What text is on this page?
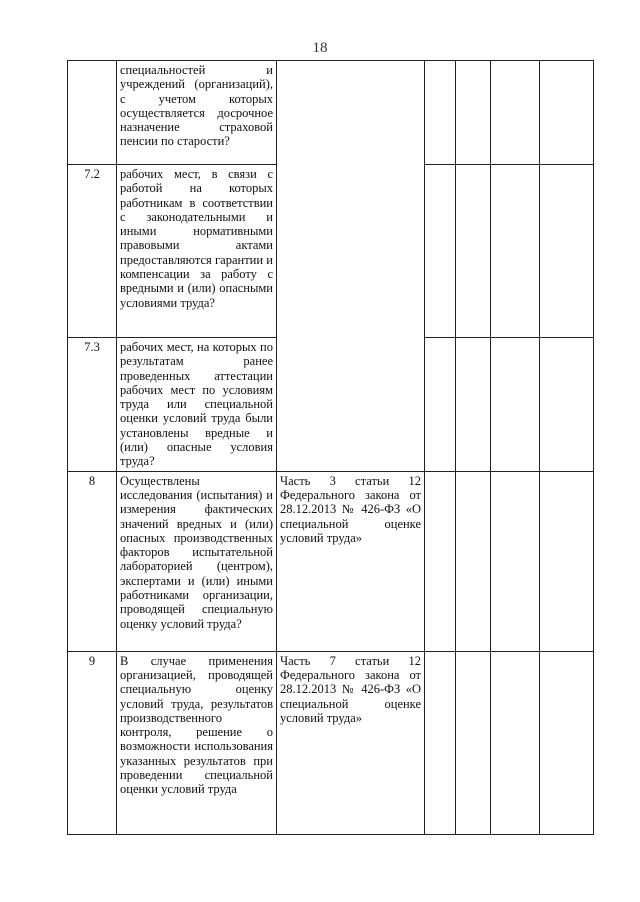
18
	специальностей и учреждений (организаций), с учетом которых осуществляется досрочное назначение страховой пенсии по старости?					
7.2	рабочих мест, в связи с работой на которых работникам в соответствии с законодательными и иными нормативными правовыми актами предоставляются гарантии и компенсации за работу с вредными и (или) опасными условиями труда?					
7.3	рабочих мест, на которых по результатам ранее проведенных аттестации рабочих мест по условиям труда или специальной оценки условий труда были установлены вредные и (или) опасные условия труда?					
8	Осуществлены исследования (испытания) и измерения фактических значений вредных и (или) опасных производственных факторов испытательной лабораторией (центром), экспертами и (или) иными работниками организации, проводящей специальную оценку условий труда?	Часть 3 статьи 12 Федерального закона от 28.12.2013 № 426-ФЗ «О специальной оценке условий труда»				
9	В случае применения организацией, проводящей специальную оценку условий труда, результатов производственного контроля, решение о возможности использования указанных результатов при проведении специальной оценки условий труда	Часть 7 статьи 12 Федерального закона от 28.12.2013 № 426-ФЗ «О специальной оценке условий труда»				
